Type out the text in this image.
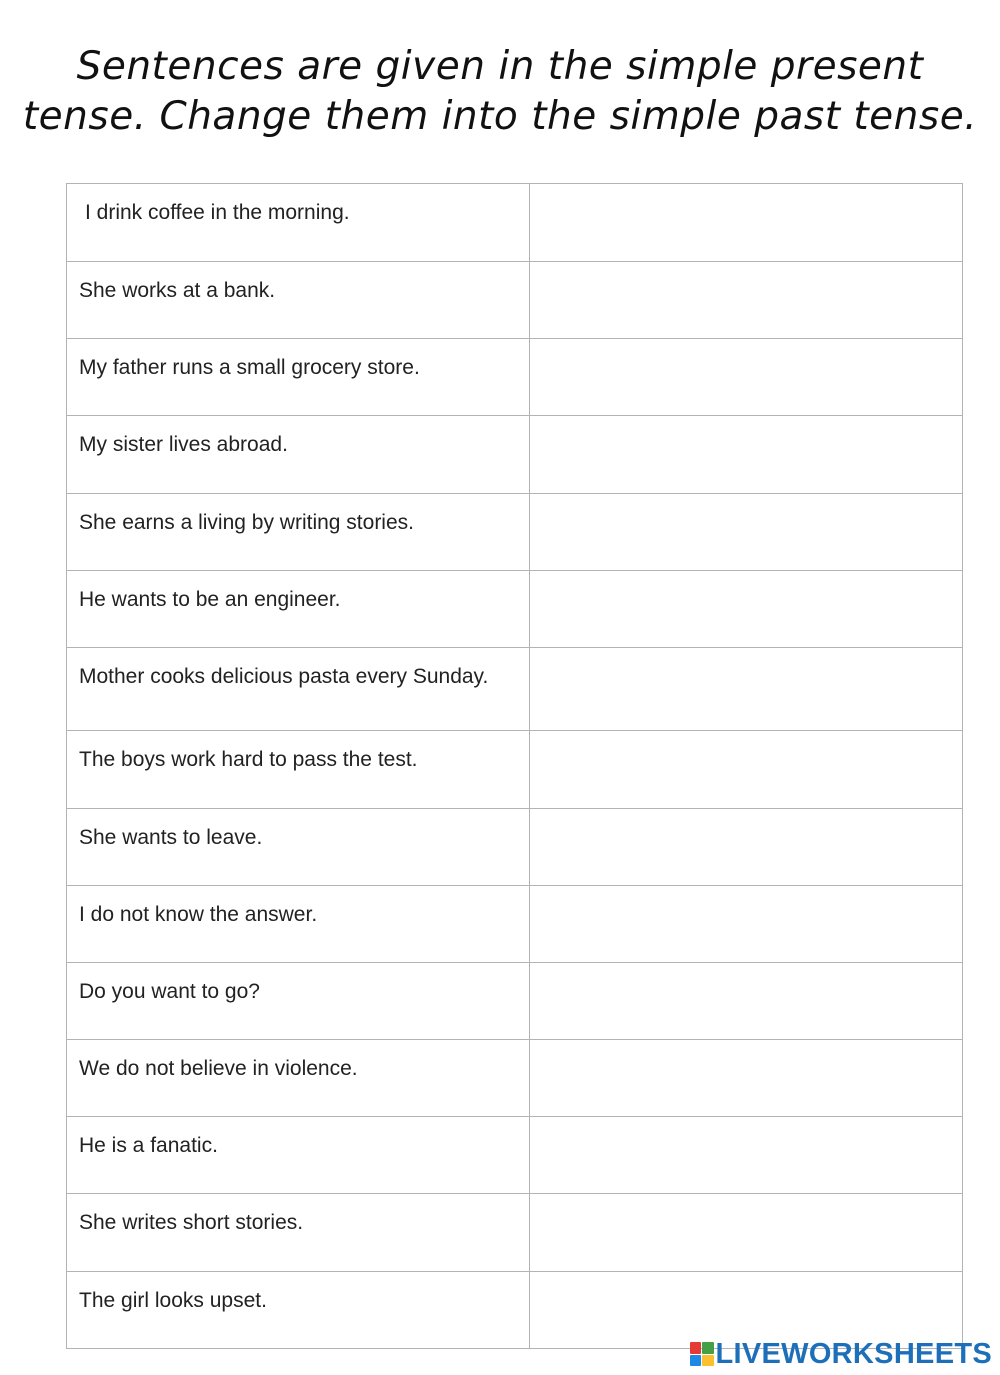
Sentences are given in the simple present
tense. Change them into the simple past tense.
I drink coffee in the morning.	
She works at a bank.	
My father runs a small grocery store.	
My sister lives abroad.	
She earns a living by writing stories.	
He wants to be an engineer.	
Mother cooks delicious pasta every Sunday.	
The boys work hard to pass the test.	
She wants to leave.	
I do not know the answer.	
Do you want to go?	
We do not believe in violence.	
He is a fanatic.	
She writes short stories.	
The girl looks upset.	
LIVEWORKSHEETS
